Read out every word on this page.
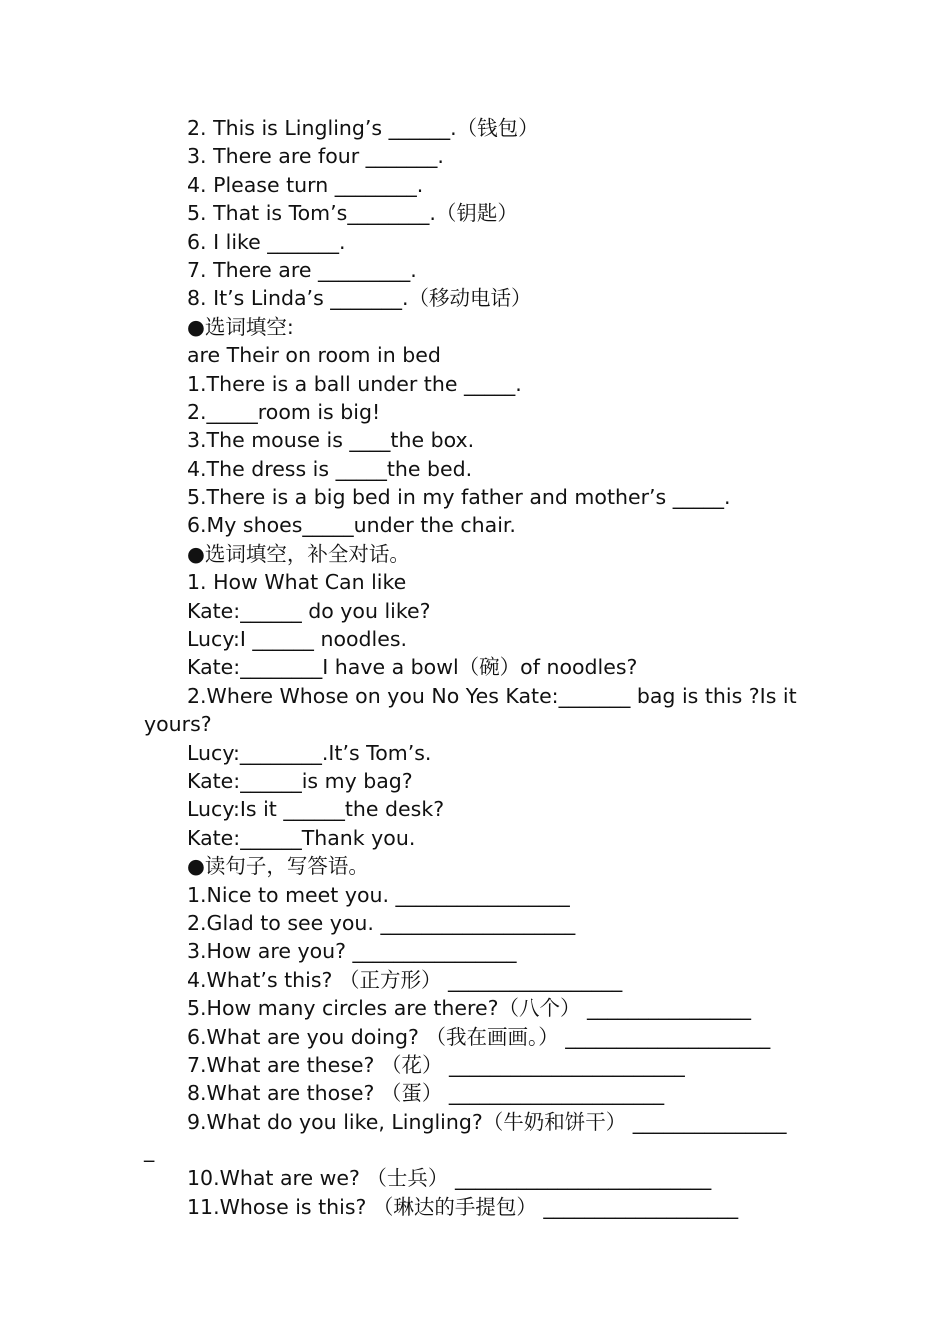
2. This is Lingling’s ______.（钱包）
3. There are four _______.
4. Please turn ________.
5. That is Tom’s________.（钥匙）
6. I like _______.
7. There are _________.
8. It’s Linda’s _______.（移动电话）
●选词填空:
are Their on room in bed
1.There is a ball under the _____.
2._____room is big!
3.The mouse is ____the box.
4.The dress is _____the bed.
5.There is a big bed in my father and mother’s _____.
6.My shoes_____under the chair.
●选词填空，补全对话。
1. How What Can like
Kate:______ do you like?
Lucy:I ______ noodles.
Kate:________I have a bowl（碗）of noodles?
2.Where Whose on you No Yes Kate:_______ bag is this ?Is it
yours?
Lucy:________.It’s Tom’s.
Kate:______is my bag?
Lucy:Is it ______the desk?
Kate:______Thank you.
●读句子，写答语。
1.Nice to meet you. _________________
2.Glad to see you. ___________________
3.How are you? ________________
4.What’s this? （正方形） _________________
5.How many circles are there?（八个） ________________
6.What are you doing? （我在画画。） ____________________
7.What are these? （花） _______________________
8.What are those? （蛋） _____________________
9.What do you like, Lingling?（牛奶和饼干） _______________
_
10.What are we? （士兵） _________________________
11.Whose is this? （琳达的手提包） ___________________
